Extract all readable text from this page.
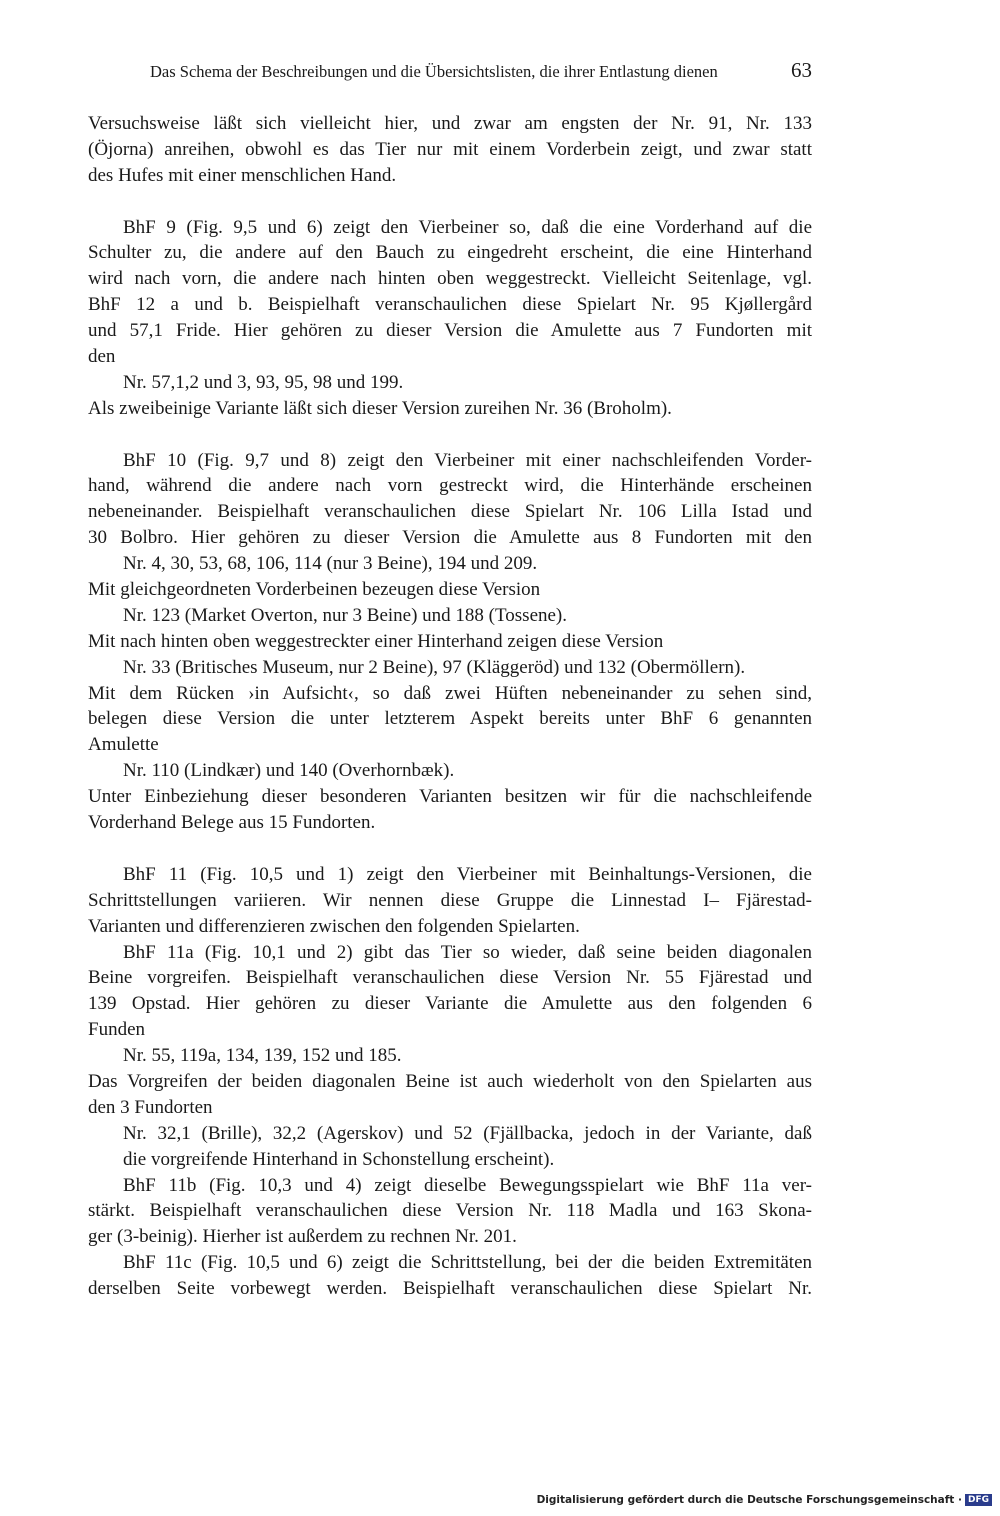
Das Schema der Beschreibungen und die Übersichtslisten, die ihrer Entlastung dienen	63
Versuchsweise läßt sich vielleicht hier, und zwar am engsten der Nr. 91, Nr. 133
(Öjorna) anreihen, obwohl es das Tier nur mit einem Vorderbein zeigt, und zwar statt
des Hufes mit einer menschlichen Hand.
BhF 9 (Fig. 9,5 und 6) zeigt den Vierbeiner so, daß die eine Vorderhand auf die
Schulter zu, die andere auf den Bauch zu eingedreht erscheint, die eine Hinterhand
wird nach vorn, die andere nach hinten oben weggestreckt. Vielleicht Seitenlage, vgl.
BhF 12 a und b. Beispielhaft veranschaulichen diese Spielart Nr. 95 Kjøllergård
und 57,1 Fride. Hier gehören zu dieser Version die Amulette aus 7 Fundorten mit
den
Nr. 57,1,2 und 3, 93, 95, 98 und 199.
Als zweibeinige Variante läßt sich dieser Version zureihen Nr. 36 (Broholm).
BhF 10 (Fig. 9,7 und 8) zeigt den Vierbeiner mit einer nachschleifenden Vorder-
hand, während die andere nach vorn gestreckt wird, die Hinterhände erscheinen
nebeneinander. Beispielhaft veranschaulichen diese Spielart Nr. 106 Lilla Istad und
30 Bolbro. Hier gehören zu dieser Version die Amulette aus 8 Fundorten mit den
Nr. 4, 30, 53, 68, 106, 114 (nur 3 Beine), 194 und 209.
Mit gleichgeordneten Vorderbeinen bezeugen diese Version
Nr. 123 (Market Overton, nur 3 Beine) und 188 (Tossene).
Mit nach hinten oben weggestreckter einer Hinterhand zeigen diese Version
Nr. 33 (Britisches Museum, nur 2 Beine), 97 (Kläggeröd) und 132 (Obermöllern).
Mit dem Rücken ›in Aufsicht‹, so daß zwei Hüften nebeneinander zu sehen sind,
belegen diese Version die unter letzterem Aspekt bereits unter BhF 6 genannten
Amulette
Nr. 110 (Lindkær) und 140 (Overhornbæk).
Unter Einbeziehung dieser besonderen Varianten besitzen wir für die nachschleifende
Vorderhand Belege aus 15 Fundorten.
BhF 11 (Fig. 10,5 und 1) zeigt den Vierbeiner mit Beinhaltungs-Versionen, die
Schrittstellungen variieren. Wir nennen diese Gruppe die Linnestad I– Fjärestad-
Varianten und differenzieren zwischen den folgenden Spielarten.
BhF 11a (Fig. 10,1 und 2) gibt das Tier so wieder, daß seine beiden diagonalen
Beine vorgreifen. Beispielhaft veranschaulichen diese Version Nr. 55 Fjärestad und
139 Opstad. Hier gehören zu dieser Variante die Amulette aus den folgenden 6
Funden
Nr. 55, 119a, 134, 139, 152 und 185.
Das Vorgreifen der beiden diagonalen Beine ist auch wiederholt von den Spielarten aus
den 3 Fundorten
Nr. 32,1 (Brille), 32,2 (Agerskov) und 52 (Fjällbacka, jedoch in der Variante, daß
die vorgreifende Hinterhand in Schonstellung erscheint).
BhF 11b (Fig. 10,3 und 4) zeigt dieselbe Bewegungsspielart wie BhF 11a ver-
stärkt. Beispielhaft veranschaulichen diese Version Nr. 118 Madla und 163 Skona-
ger (3-beinig). Hierher ist außerdem zu rechnen Nr. 201.
BhF 11c (Fig. 10,5 und 6) zeigt die Schrittstellung, bei der die beiden Extremitäten
derselben Seite vorbewegt werden. Beispielhaft veranschaulichen diese Spielart Nr.
Digitalisierung gefördert durch die Deutsche Forschungsgemeinschaft · DFG
